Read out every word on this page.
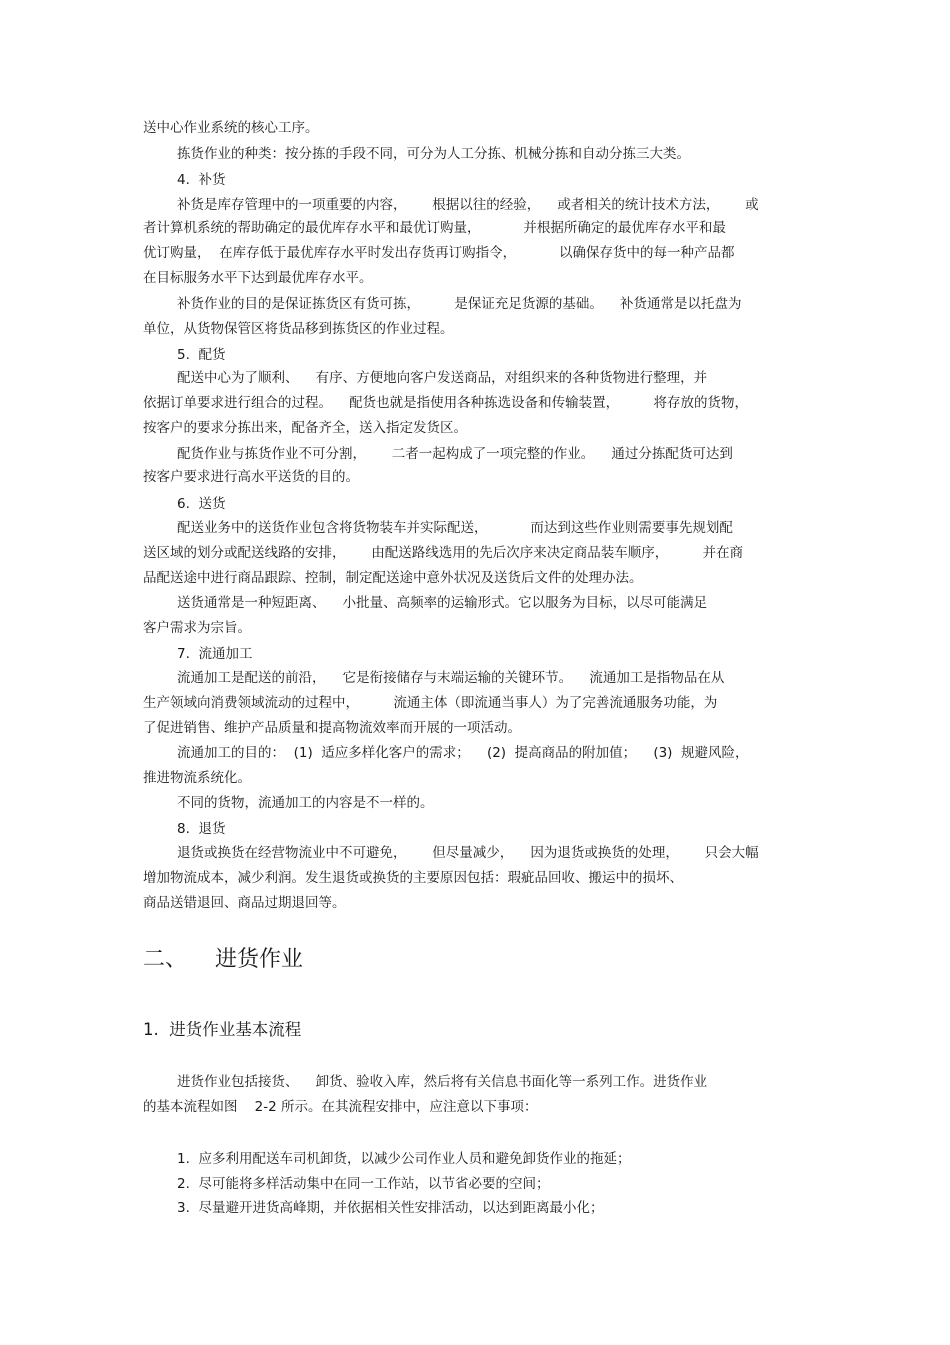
送中心作业系统的核心工序。
拣货作业的种类：按分拣的手段不同，可分为人工分拣、机械分拣和自动分拣三大类。
4.  补货
补货是库存管理中的一项重要的内容，      根据以往的经验，    或者相关的统计技术方法，      或
者计算机系统的帮助确定的最优库存水平和最优订购量，          并根据所确定的最优库存水平和最
优订购量，  在库存低于最优库存水平时发出存货再订购指令，          以确保存货中的每一种产品都
在目标服务水平下达到最优库存水平。
补货作业的目的是保证拣货区有货可拣，        是保证充足货源的基础。    补货通常是以托盘为
单位，从货物保管区将货品移到拣货区的作业过程。
5.  配货
配送中心为了顺利、    有序、方便地向客户发送商品，对组织来的各种货物进行整理，并
依据订单要求进行组合的过程。    配货也就是指使用各种拣选设备和传输装置，        将存放的货物，
按客户的要求分拣出来，配备齐全，送入指定发货区。
配货作业与拣货作业不可分割，      二者一起构成了一项完整的作业。    通过分拣配货可达到
按客户要求进行高水平送货的目的。
6.  送货
配送业务中的送货作业包含将货物装车并实际配送，          而达到这些作业则需要事先规划配
送区域的划分或配送线路的安排，      由配送路线选用的先后次序来决定商品装车顺序，        并在商
品配送途中进行商品跟踪、控制，制定配送途中意外状况及送货后文件的处理办法。
送货通常是一种短距离、    小批量、高频率的运输形式。它以服务为目标，以尽可能满足
客户需求为宗旨。
7.  流通加工
流通加工是配送的前沿，    它是衔接储存与末端运输的关键环节。    流通加工是指物品在从
生产领域向消费领域流动的过程中，        流通主体（即流通当事人）为了完善流通服务功能，为
了促进销售、维护产品质量和提高物流效率而开展的一项活动。
流通加工的目的：  (1)  适应多样化客户的需求；    (2)  提高商品的附加值；    (3)  规避风险，
推进物流系统化。
不同的货物，流通加工的内容是不一样的。
8.  退货
退货或换货在经营物流业中不可避免，      但尽量减少，    因为退货或换货的处理，      只会大幅
增加物流成本，减少利润。发生退货或换货的主要原因包括：瑕疵品回收、搬运中的损坏、
商品送错退回、商品过期退回等。
二、    进货作业
1.  进货作业基本流程
进货作业包括接货、    卸货、验收入库，然后将有关信息书面化等一系列工作。进货作业
的基本流程如图    2-2 所示。在其流程安排中，应注意以下事项：
1.  应多利用配送车司机卸货，以减少公司作业人员和避免卸货作业的拖延；
2.  尽可能将多样活动集中在同一工作站，以节省必要的空间；
3.  尽量避开进货高峰期，并依据相关性安排活动，以达到距离最小化；
